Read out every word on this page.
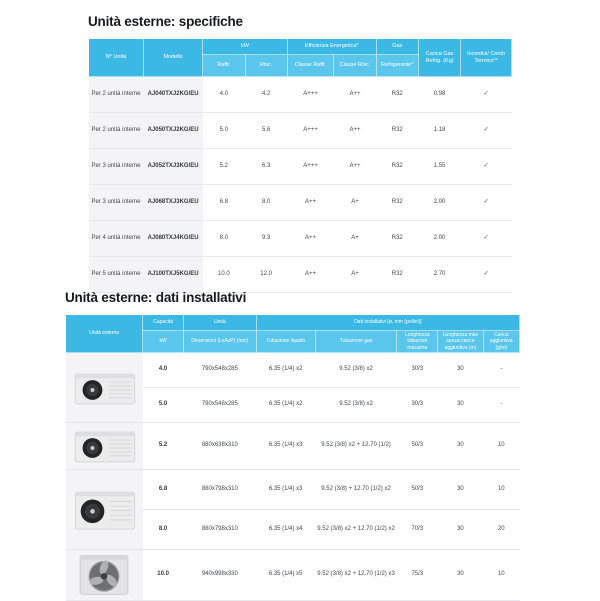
Unità esterne: specifiche
N° Unità	Modello	kW		Efficienza Energetica*		Gas	Carica Gas Refrig. (Kg)	Incentivi/ Conto Termico**
		Raffr.	Risc.	Classe Raffr.	Classe Risc.	Refrigerante*		
Per 2 unità interne	AJ040TXJ2KG/EU	4.0	4.2	A+++	A++	R32	0.98	✓
Per 2 unità interne	AJ050TXJ2KG/EU	5.0	5.6	A+++	A++	R32	1.18	✓
Per 3 unità interne	AJ052TXJ3KG/EU	5.2	6.3	A+++	A++	R32	1.55	✓
Per 3 unità interne	AJ068TXJ3KG/EU	6.8	8.0	A++	A+	R32	2.00	✓
Per 4 unità interne	AJ080TXJ4KG/EU	8.0	9.3	A++	A+	R32	2.00	✓
Per 5 unità interne	AJ100TXJ5KG/EU	10.0	12.0	A++	A+	R32	2.70	✓
Unità esterne: dati installativi
Unità esterna	Capacità	Unità	Dati installativi [ø, mm (pollici)]				
	kW	Dimensioni (LxAxP) (mm)	Tubazione liquido	Tubazione gas	Lunghezza tubazioni massima	Lunghezza max senza carica aggiuntiva (m)	Carica aggiuntiva (g/m)

	4.0	790x548x285	6.35 (1/4) x2	9.52 (3/8) x2	30/3	30	-
	5.0	790x548x285	6.35 (1/4) x2	9.52 (3/8) x2	30/3	30	-

	5.2	880x638x310	6.35 (1/4) x3	9.52 (3/8) x2 + 12.70 (1/2)	50/3	30	10

	6.8	880x798x310	6.35 (1/4) x3	9.52 (3/8) + 12.70 (1/2) x2	50/3	30	10
	8.0	880x798x310	6.35 (1/4) x4	9.52 (3/8) x2 + 12.70 (1/2) x2	70/3	30	20

	10.0	940x998x330	6.35 (1/4) x5	9.52 (3/8) x2 + 12.70 (1/2) x3	75/3	30	10
